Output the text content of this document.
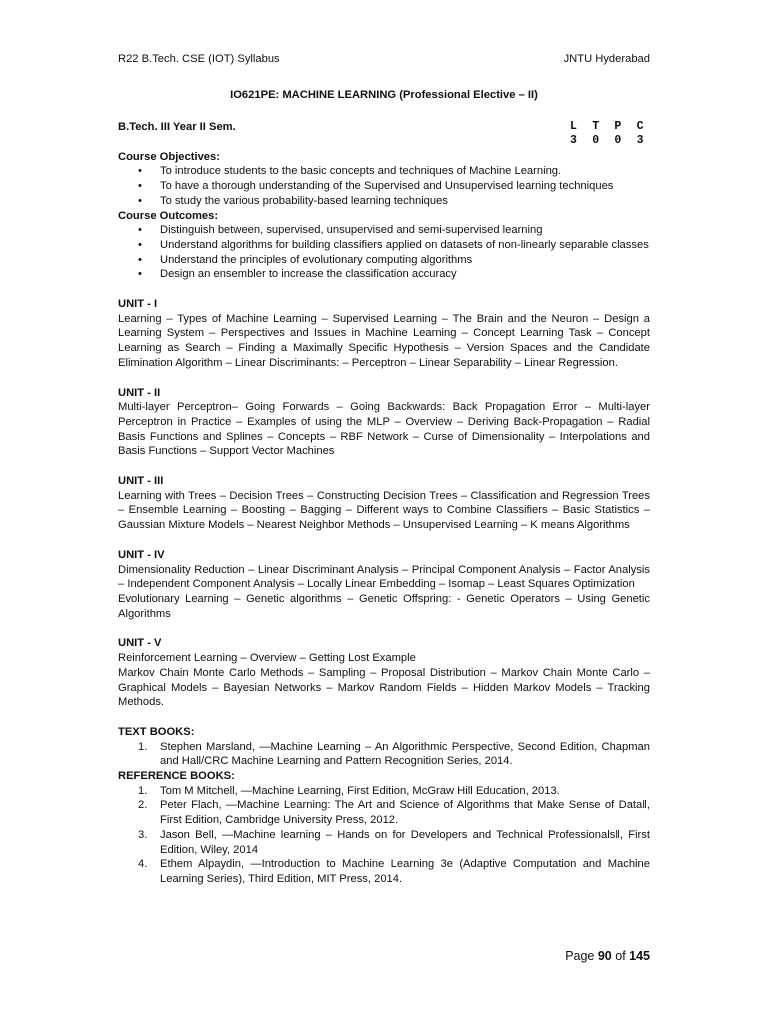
R22 B.Tech. CSE (IOT) Syllabus	JNTU Hyderabad

IO621PE: MACHINE LEARNING (Professional Elective – II)

B.Tech. III Year II Sem.	L  T  P  C
3  0  0  3

Course Objectives:

• To introduce students to the basic concepts and techniques of Machine Learning.
• To have a thorough understanding of the Supervised and Unsupervised learning techniques
• To study the various probability-based learning techniques

Course Outcomes:

• Distinguish between, supervised, unsupervised and semi-supervised learning
• Understand algorithms for building classifiers applied on datasets of non-linearly separable classes
• Understand the principles of evolutionary computing algorithms
• Design an ensembler to increase the classification accuracy
UNIT - I

Learning – Types of Machine Learning – Supervised Learning – The Brain and the Neuron – Design a Learning System – Perspectives and Issues in Machine Learning – Concept Learning Task – Concept Learning as Search – Finding a Maximally Specific Hypothesis – Version Spaces and the Candidate Elimination Algorithm – Linear Discriminants: – Perceptron – Linear Separability – Linear Regression.

UNIT - II

Multi-layer Perceptron– Going Forwards – Going Backwards: Back Propagation Error – Multi-layer Perceptron in Practice – Examples of using the MLP – Overview – Deriving Back-Propagation – Radial Basis Functions and Splines – Concepts – RBF Network – Curse of Dimensionality – Interpolations and Basis Functions – Support Vector Machines

UNIT - III

Learning with Trees – Decision Trees – Constructing Decision Trees – Classification and Regression Trees – Ensemble Learning – Boosting – Bagging – Different ways to Combine Classifiers – Basic Statistics – Gaussian Mixture Models – Nearest Neighbor Methods – Unsupervised Learning – K means Algorithms

UNIT - IV

Dimensionality Reduction – Linear Discriminant Analysis – Principal Component Analysis – Factor Analysis – Independent Component Analysis – Locally Linear Embedding – Isomap – Least Squares Optimization

Evolutionary Learning – Genetic algorithms – Genetic Offspring: - Genetic Operators – Using Genetic Algorithms

UNIT - V

Reinforcement Learning – Overview – Getting Lost Example

Markov Chain Monte Carlo Methods – Sampling – Proposal Distribution – Markov Chain Monte Carlo – Graphical Models – Bayesian Networks – Markov Random Fields – Hidden Markov Models – Tracking Methods.

TEXT BOOKS:

1. Stephen Marsland, —Machine Learning – An Algorithmic Perspective, Second Edition, Chapman and Hall/CRC Machine Learning and Pattern Recognition Series, 2014.

REFERENCE BOOKS:

1. Tom M Mitchell, —Machine Learning, First Edition, McGraw Hill Education, 2013.
2. Peter Flach, —Machine Learning: The Art and Science of Algorithms that Make Sense of Data‖, First Edition, Cambridge University Press, 2012.
3. Jason Bell, —Machine learning – Hands on for Developers and Technical Professionals‖, First Edition, Wiley, 2014
4. Ethem Alpaydin, —Introduction to Machine Learning 3e (Adaptive Computation and Machine Learning Series), Third Edition, MIT Press, 2014.
Page 90 of 145
